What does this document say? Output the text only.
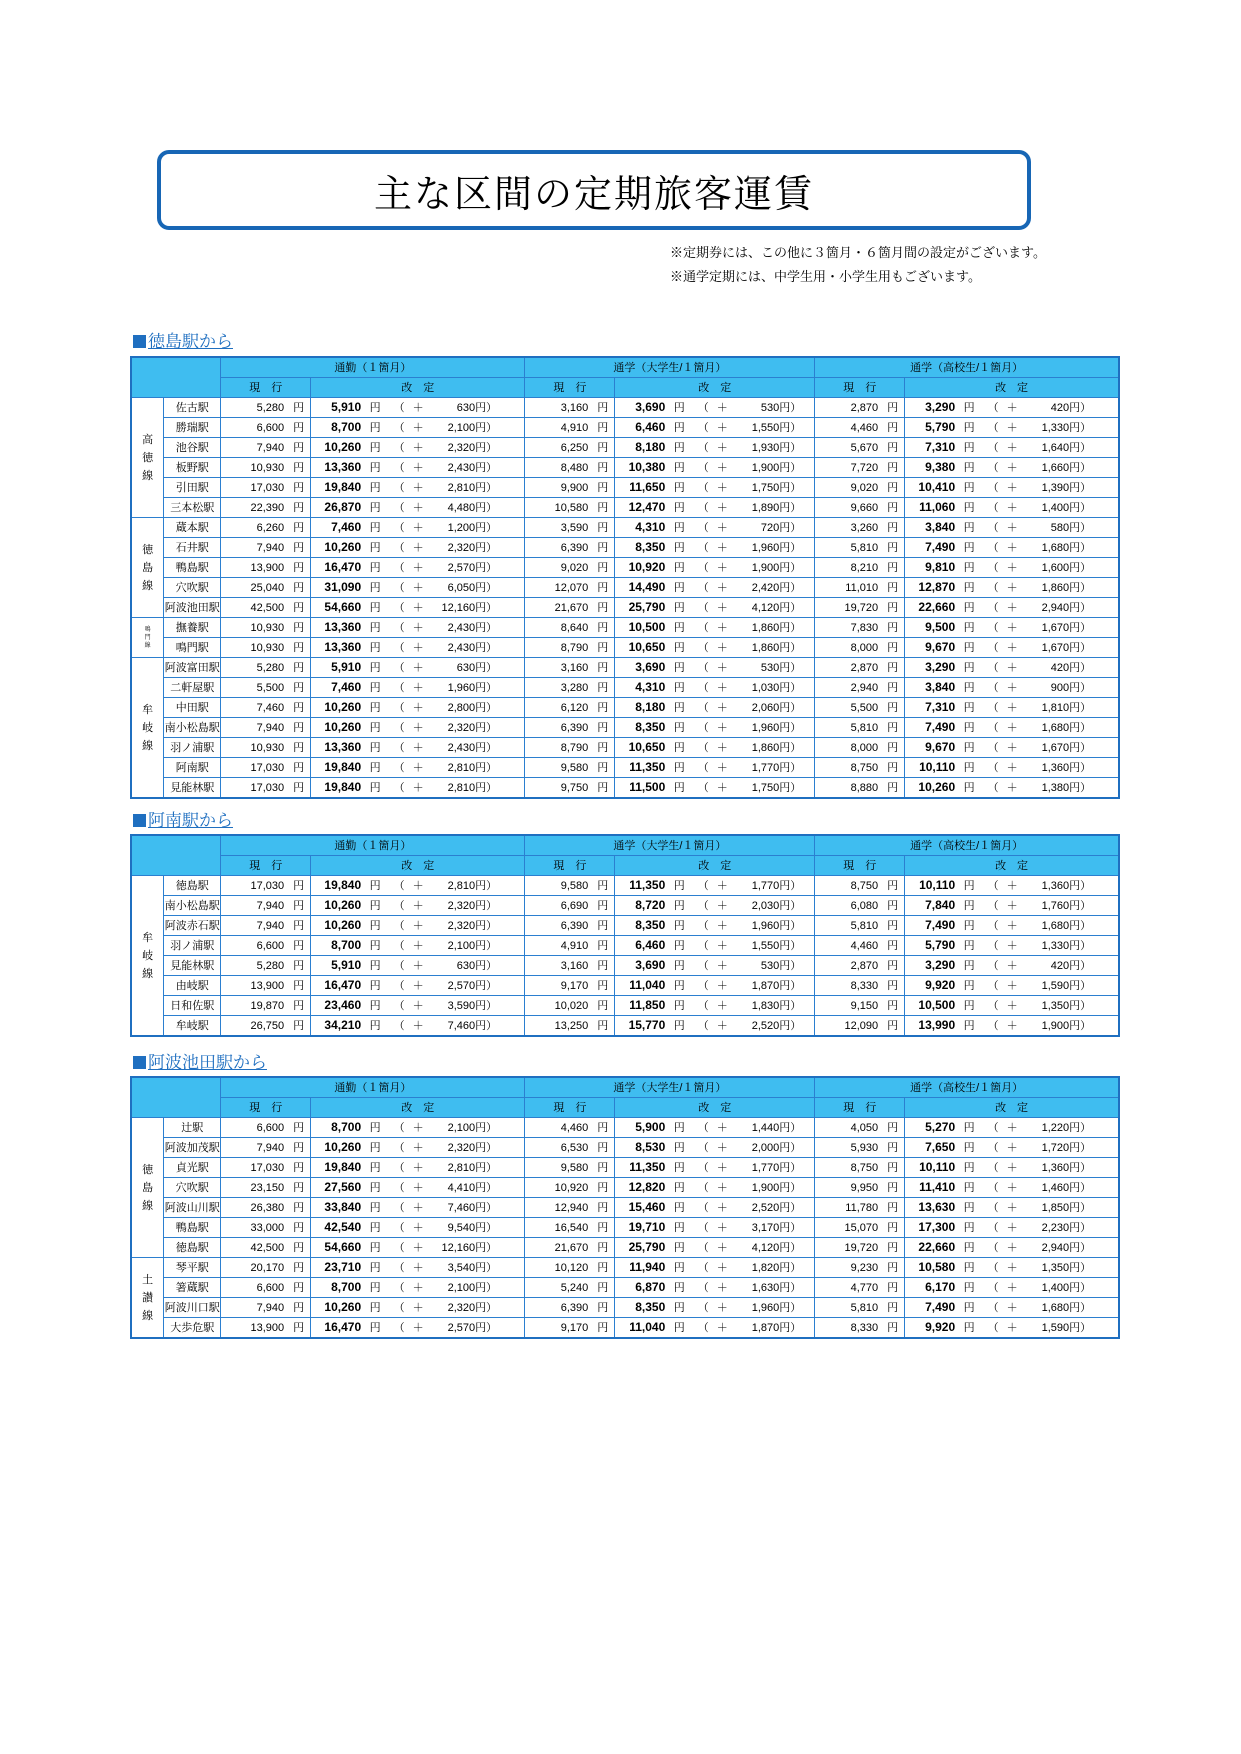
主な区間の定期旅客運賃
※定期券には、この他に３箇月・６箇月間の設定がございます。
※通学定期には、中学生用・小学生用もございます。
徳島駅から
		通勤（１箇月）		通学（大学生/１箇月）		通学（高校生/１箇月）	
		現　行	改　定	現　行	改　定	現　行	改　定
高
徳
線	佐古駅	5,280 円	5,910 円 （ ＋ 630円）	3,160 円	3,690 円 （ ＋ 530円）	2,870 円	3,290 円 （ ＋ 420円）
	勝瑞駅	6,600 円	8,700 円 （ ＋ 2,100円）	4,910 円	6,460 円 （ ＋ 1,550円）	4,460 円	5,790 円 （ ＋ 1,330円）
	池谷駅	7,940 円	10,260 円 （ ＋ 2,320円）	6,250 円	8,180 円 （ ＋ 1,930円）	5,670 円	7,310 円 （ ＋ 1,640円）
	板野駅	10,930 円	13,360 円 （ ＋ 2,430円）	8,480 円	10,380 円 （ ＋ 1,900円）	7,720 円	9,380 円 （ ＋ 1,660円）
	引田駅	17,030 円	19,840 円 （ ＋ 2,810円）	9,900 円	11,650 円 （ ＋ 1,750円）	9,020 円	10,410 円 （ ＋ 1,390円）
	三本松駅	22,390 円	26,870 円 （ ＋ 4,480円）	10,580 円	12,470 円 （ ＋ 1,890円）	9,660 円	11,060 円 （ ＋ 1,400円）
徳
島
線	蔵本駅	6,260 円	7,460 円 （ ＋ 1,200円）	3,590 円	4,310 円 （ ＋ 720円）	3,260 円	3,840 円 （ ＋ 580円）
	石井駅	7,940 円	10,260 円 （ ＋ 2,320円）	6,390 円	8,350 円 （ ＋ 1,960円）	5,810 円	7,490 円 （ ＋ 1,680円）
	鴨島駅	13,900 円	16,470 円 （ ＋ 2,570円）	9,020 円	10,920 円 （ ＋ 1,900円）	8,210 円	9,810 円 （ ＋ 1,600円）
	穴吹駅	25,040 円	31,090 円 （ ＋ 6,050円）	12,070 円	14,490 円 （ ＋ 2,420円）	11,010 円	12,870 円 （ ＋ 1,860円）
	阿波池田駅	42,500 円	54,660 円 （ ＋ 12,160円）	21,670 円	25,790 円 （ ＋ 4,120円）	19,720 円	22,660 円 （ ＋ 2,940円）
鳴
門
線	撫養駅	10,930 円	13,360 円 （ ＋ 2,430円）	8,640 円	10,500 円 （ ＋ 1,860円）	7,830 円	9,500 円 （ ＋ 1,670円）
	鳴門駅	10,930 円	13,360 円 （ ＋ 2,430円）	8,790 円	10,650 円 （ ＋ 1,860円）	8,000 円	9,670 円 （ ＋ 1,670円）
牟
岐
線	阿波富田駅	5,280 円	5,910 円 （ ＋ 630円）	3,160 円	3,690 円 （ ＋ 530円）	2,870 円	3,290 円 （ ＋ 420円）
	二軒屋駅	5,500 円	7,460 円 （ ＋ 1,960円）	3,280 円	4,310 円 （ ＋ 1,030円）	2,940 円	3,840 円 （ ＋ 900円）
	中田駅	7,460 円	10,260 円 （ ＋ 2,800円）	6,120 円	8,180 円 （ ＋ 2,060円）	5,500 円	7,310 円 （ ＋ 1,810円）
	南小松島駅	7,940 円	10,260 円 （ ＋ 2,320円）	6,390 円	8,350 円 （ ＋ 1,960円）	5,810 円	7,490 円 （ ＋ 1,680円）
	羽ノ浦駅	10,930 円	13,360 円 （ ＋ 2,430円）	8,790 円	10,650 円 （ ＋ 1,860円）	8,000 円	9,670 円 （ ＋ 1,670円）
	阿南駅	17,030 円	19,840 円 （ ＋ 2,810円）	9,580 円	11,350 円 （ ＋ 1,770円）	8,750 円	10,110 円 （ ＋ 1,360円）
	見能林駅	17,030 円	19,840 円 （ ＋ 2,810円）	9,750 円	11,500 円 （ ＋ 1,750円）	8,880 円	10,260 円 （ ＋ 1,380円）
阿南駅から
		通勤（１箇月）		通学（大学生/１箇月）		通学（高校生/１箇月）	
		現　行	改　定	現　行	改　定	現　行	改　定
牟
岐
線	徳島駅	17,030 円	19,840 円 （ ＋ 2,810円）	9,580 円	11,350 円 （ ＋ 1,770円）	8,750 円	10,110 円 （ ＋ 1,360円）
	南小松島駅	7,940 円	10,260 円 （ ＋ 2,320円）	6,690 円	8,720 円 （ ＋ 2,030円）	6,080 円	7,840 円 （ ＋ 1,760円）
	阿波赤石駅	7,940 円	10,260 円 （ ＋ 2,320円）	6,390 円	8,350 円 （ ＋ 1,960円）	5,810 円	7,490 円 （ ＋ 1,680円）
	羽ノ浦駅	6,600 円	8,700 円 （ ＋ 2,100円）	4,910 円	6,460 円 （ ＋ 1,550円）	4,460 円	5,790 円 （ ＋ 1,330円）
	見能林駅	5,280 円	5,910 円 （ ＋ 630円）	3,160 円	3,690 円 （ ＋ 530円）	2,870 円	3,290 円 （ ＋ 420円）
	由岐駅	13,900 円	16,470 円 （ ＋ 2,570円）	9,170 円	11,040 円 （ ＋ 1,870円）	8,330 円	9,920 円 （ ＋ 1,590円）
	日和佐駅	19,870 円	23,460 円 （ ＋ 3,590円）	10,020 円	11,850 円 （ ＋ 1,830円）	9,150 円	10,500 円 （ ＋ 1,350円）
	牟岐駅	26,750 円	34,210 円 （ ＋ 7,460円）	13,250 円	15,770 円 （ ＋ 2,520円）	12,090 円	13,990 円 （ ＋ 1,900円）
阿波池田駅から
		通勤（１箇月）		通学（大学生/１箇月）		通学（高校生/１箇月）	
		現　行	改　定	現　行	改　定	現　行	改　定
徳
島
線	辻駅	6,600 円	8,700 円 （ ＋ 2,100円）	4,460 円	5,900 円 （ ＋ 1,440円）	4,050 円	5,270 円 （ ＋ 1,220円）
	阿波加茂駅	7,940 円	10,260 円 （ ＋ 2,320円）	6,530 円	8,530 円 （ ＋ 2,000円）	5,930 円	7,650 円 （ ＋ 1,720円）
	貞光駅	17,030 円	19,840 円 （ ＋ 2,810円）	9,580 円	11,350 円 （ ＋ 1,770円）	8,750 円	10,110 円 （ ＋ 1,360円）
	穴吹駅	23,150 円	27,560 円 （ ＋ 4,410円）	10,920 円	12,820 円 （ ＋ 1,900円）	9,950 円	11,410 円 （ ＋ 1,460円）
	阿波山川駅	26,380 円	33,840 円 （ ＋ 7,460円）	12,940 円	15,460 円 （ ＋ 2,520円）	11,780 円	13,630 円 （ ＋ 1,850円）
	鴨島駅	33,000 円	42,540 円 （ ＋ 9,540円）	16,540 円	19,710 円 （ ＋ 3,170円）	15,070 円	17,300 円 （ ＋ 2,230円）
	徳島駅	42,500 円	54,660 円 （ ＋ 12,160円）	21,670 円	25,790 円 （ ＋ 4,120円）	19,720 円	22,660 円 （ ＋ 2,940円）
土
讃
線	琴平駅	20,170 円	23,710 円 （ ＋ 3,540円）	10,120 円	11,940 円 （ ＋ 1,820円）	9,230 円	10,580 円 （ ＋ 1,350円）
	箸蔵駅	6,600 円	8,700 円 （ ＋ 2,100円）	5,240 円	6,870 円 （ ＋ 1,630円）	4,770 円	6,170 円 （ ＋ 1,400円）
	阿波川口駅	7,940 円	10,260 円 （ ＋ 2,320円）	6,390 円	8,350 円 （ ＋ 1,960円）	5,810 円	7,490 円 （ ＋ 1,680円）
	大歩危駅	13,900 円	16,470 円 （ ＋ 2,570円）	9,170 円	11,040 円 （ ＋ 1,870円）	8,330 円	9,920 円 （ ＋ 1,590円）
